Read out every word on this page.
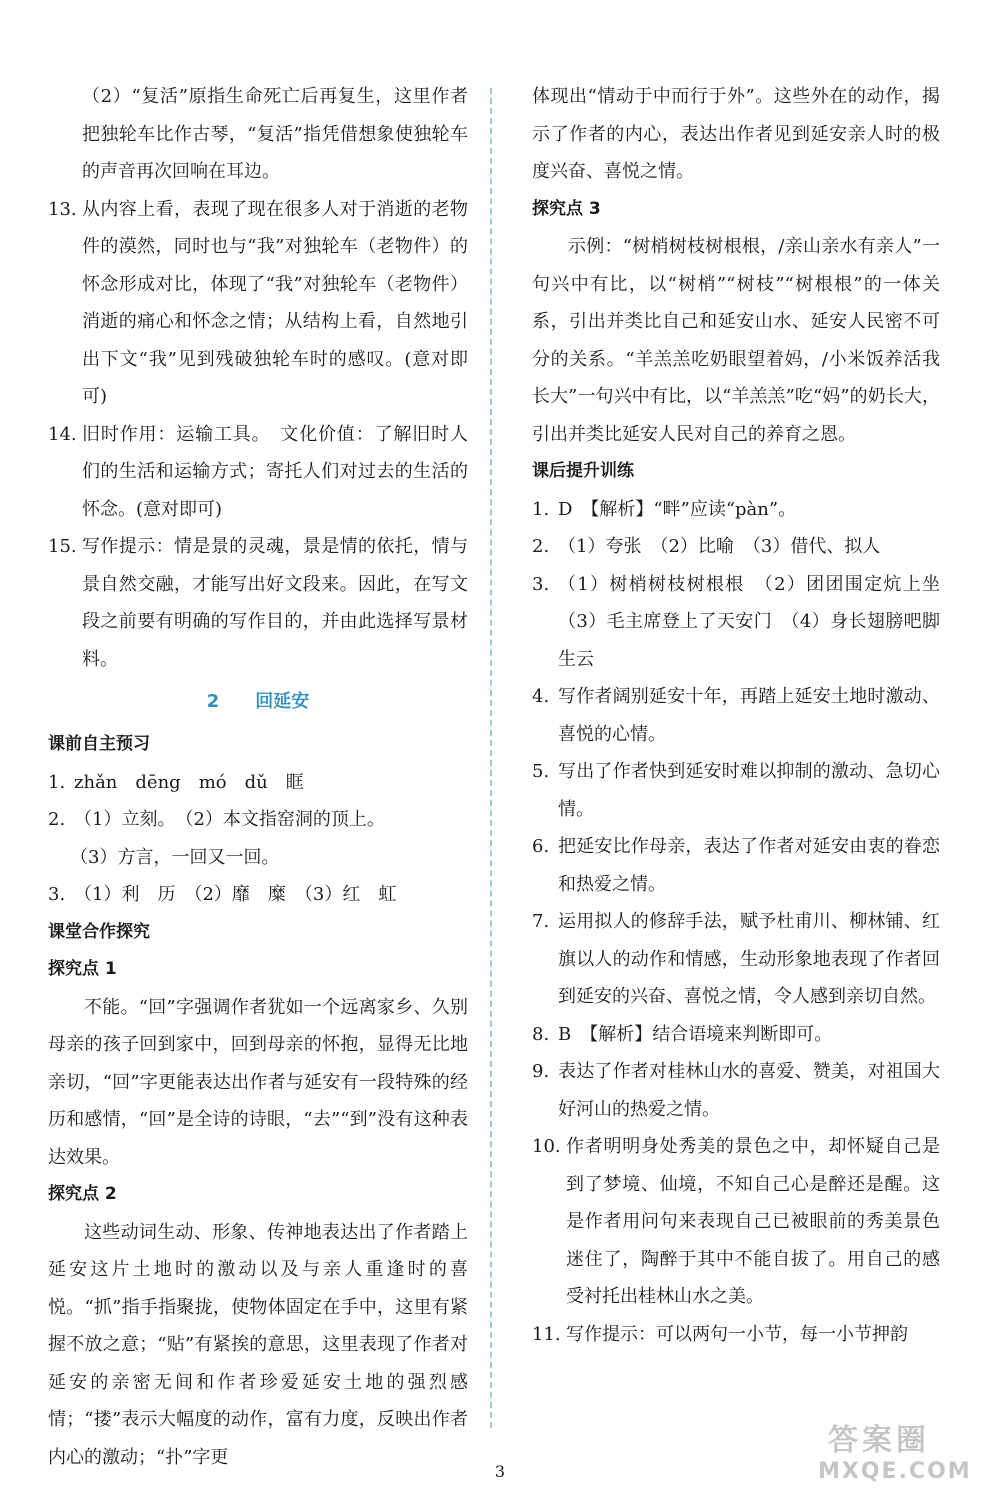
（2）“复活”原指生命死亡后再复生，这里作者把独轮车比作古琴，“复活”指凭借想象使独轮车的声音再次回响在耳边。
13. 从内容上看，表现了现在很多人对于消逝的老物件的漠然，同时也与“我”对独轮车（老物件）的怀念形成对比，体现了“我”对独轮车（老物件）消逝的痛心和怀念之情；从结构上看，自然地引出下文“我”见到残破独轮车时的感叹。(意对即可)
14. 旧时作用：运输工具。　文化价值：了解旧时人们的生活和运输方式；寄托人们对过去的生活的怀念。(意对即可)
15. 写作提示：情是景的灵魂，景是情的依托，情与景自然交融，才能写出好文段来。因此，在写文段之前要有明确的写作目的，并由此选择写景材料。

2 回延安

课前自主预习

1. zhǎn　dēng　mó　dǔ　眶
2. （1）立刻。　（2）本文指窑洞的顶上。
（3）方言，一回又一回。
3. （1）利　历　（2）靡　糜　（3）红　虹

课堂合作探究

探究点 1

不能。“回”字强调作者犹如一个远离家乡、久别母亲的孩子回到家中，回到母亲的怀抱，显得无比地亲切，“回”字更能表达出作者与延安有一段特殊的经历和感情，“回”是全诗的诗眼，“去”“到”没有这种表达效果。

探究点 2

这些动词生动、形象、传神地表达出了作者踏上延安这片土地时的激动以及与亲人重逢时的喜悦。“抓”指手指聚拢，使物体固定在手中，这里有紧握不放之意；“贴”有紧挨的意思，这里表现了作者对延安的亲密无间和作者珍爱延安土地的强烈感情；“搂”表示大幅度的动作，富有力度，反映出作者内心的激动；“扑”字更

体现出“情动于中而行于外”。这些外在的动作，揭示了作者的内心，表达出作者见到延安亲人时的极度兴奋、喜悦之情。

探究点 3

示例：“树梢树枝树根根，/亲山亲水有亲人”一句兴中有比，以“树梢”“树枝”“树根根”的一体关系，引出并类比自己和延安山水、延安人民密不可分的关系。“羊羔羔吃奶眼望着妈，/小米饭养活我长大”一句兴中有比，以“羊羔羔”吃“妈”的奶长大，引出并类比延安人民对自己的养育之恩。

课后提升训练

1. D　【解析】“畔”应读“pàn”。
2. （1）夸张　（2）比喻　（3）借代、拟人
3. （1）树梢树枝树根根　（2）团团围定炕上坐　（3）毛主席登上了天安门　（4）身长翅膀吧脚生云
4. 写作者阔别延安十年，再踏上延安土地时激动、喜悦的心情。
5. 写出了作者快到延安时难以抑制的激动、急切心情。
6. 把延安比作母亲，表达了作者对延安由衷的眷恋和热爱之情。
7. 运用拟人的修辞手法，赋予杜甫川、柳林铺、红旗以人的动作和情感，生动形象地表现了作者回到延安的兴奋、喜悦之情，令人感到亲切自然。
8. B　【解析】结合语境来判断即可。
9. 表达了作者对桂林山水的喜爱、赞美，对祖国大好河山的热爱之情。
10. 作者明明身处秀美的景色之中，却怀疑自己是到了梦境、仙境，不知自己心是醉还是醒。这是作者用问句来表现自己已被眼前的秀美景色迷住了，陶醉于其中不能自拔了。用自己的感受衬托出桂林山水之美。
11. 写作提示：可以两句一小节，每一小节押韵
3
答案圈
MXQE.COM
